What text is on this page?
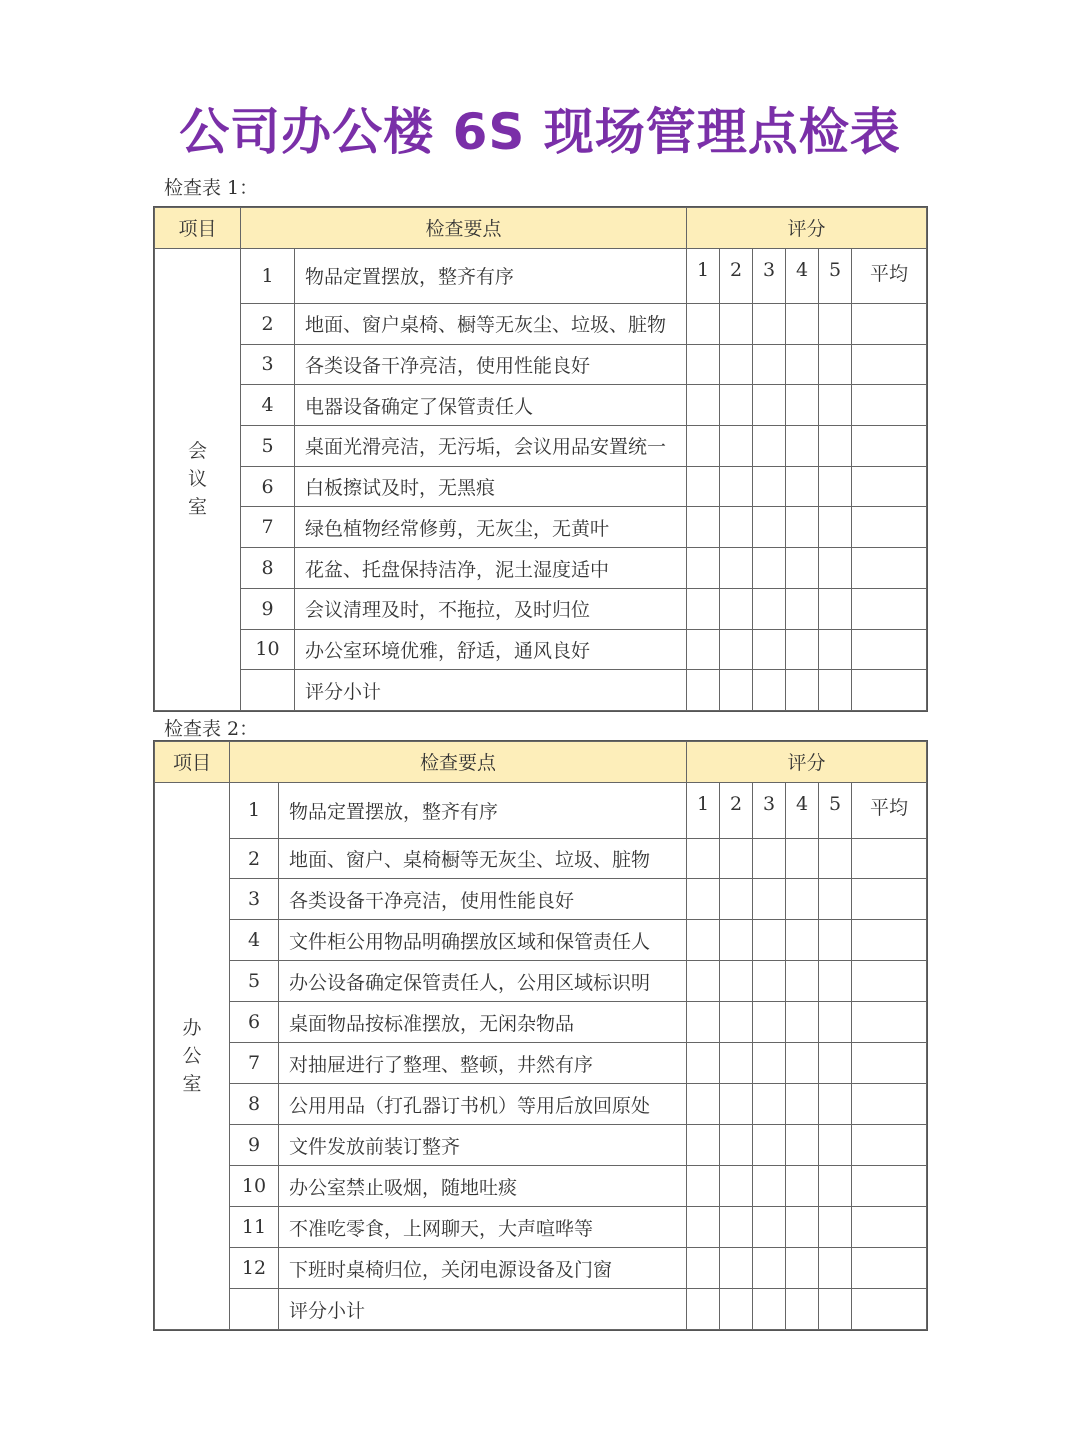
公司办公楼 6S 现场管理点检表
检查表 1：
项目	检查要点		评分					

会议室	1	物品定置摆放，整齐有序	1	2	3	4	5	平均
	2	地面、窗户桌椅、橱等无灰尘、垃圾、脏物						
	3	各类设备干净亮洁，使用性能良好						
	4	电器设备确定了保管责任人						
	5	桌面光滑亮洁，无污垢，会议用品安置统一						
	6	白板擦试及时，无黑痕						
	7	绿色植物经常修剪，无灰尘，无黄叶						
	8	花盆、托盘保持洁净，泥土湿度适中						
	9	会议清理及时，不拖拉，及时归位						
	10	办公室环境优雅，舒适，通风良好						
		评分小计						
检查表 2：
项目	检查要点		评分					

办公室	1	物品定置摆放，整齐有序	1	2	3	4	5	平均
	2	地面、窗户、桌椅橱等无灰尘、垃圾、脏物						
	3	各类设备干净亮洁，使用性能良好						
	4	文件柜公用物品明确摆放区域和保管责任人						
	5	办公设备确定保管责任人，公用区域标识明						
	6	桌面物品按标准摆放，无闲杂物品						
	7	对抽屉进行了整理、整顿，井然有序						
	8	公用用品（打孔器订书机）等用后放回原处						
	9	文件发放前装订整齐						
	10	办公室禁止吸烟，随地吐痰						
	11	不准吃零食，上网聊天，大声喧哗等						
	12	下班时桌椅归位，关闭电源设备及门窗						
		评分小计						
